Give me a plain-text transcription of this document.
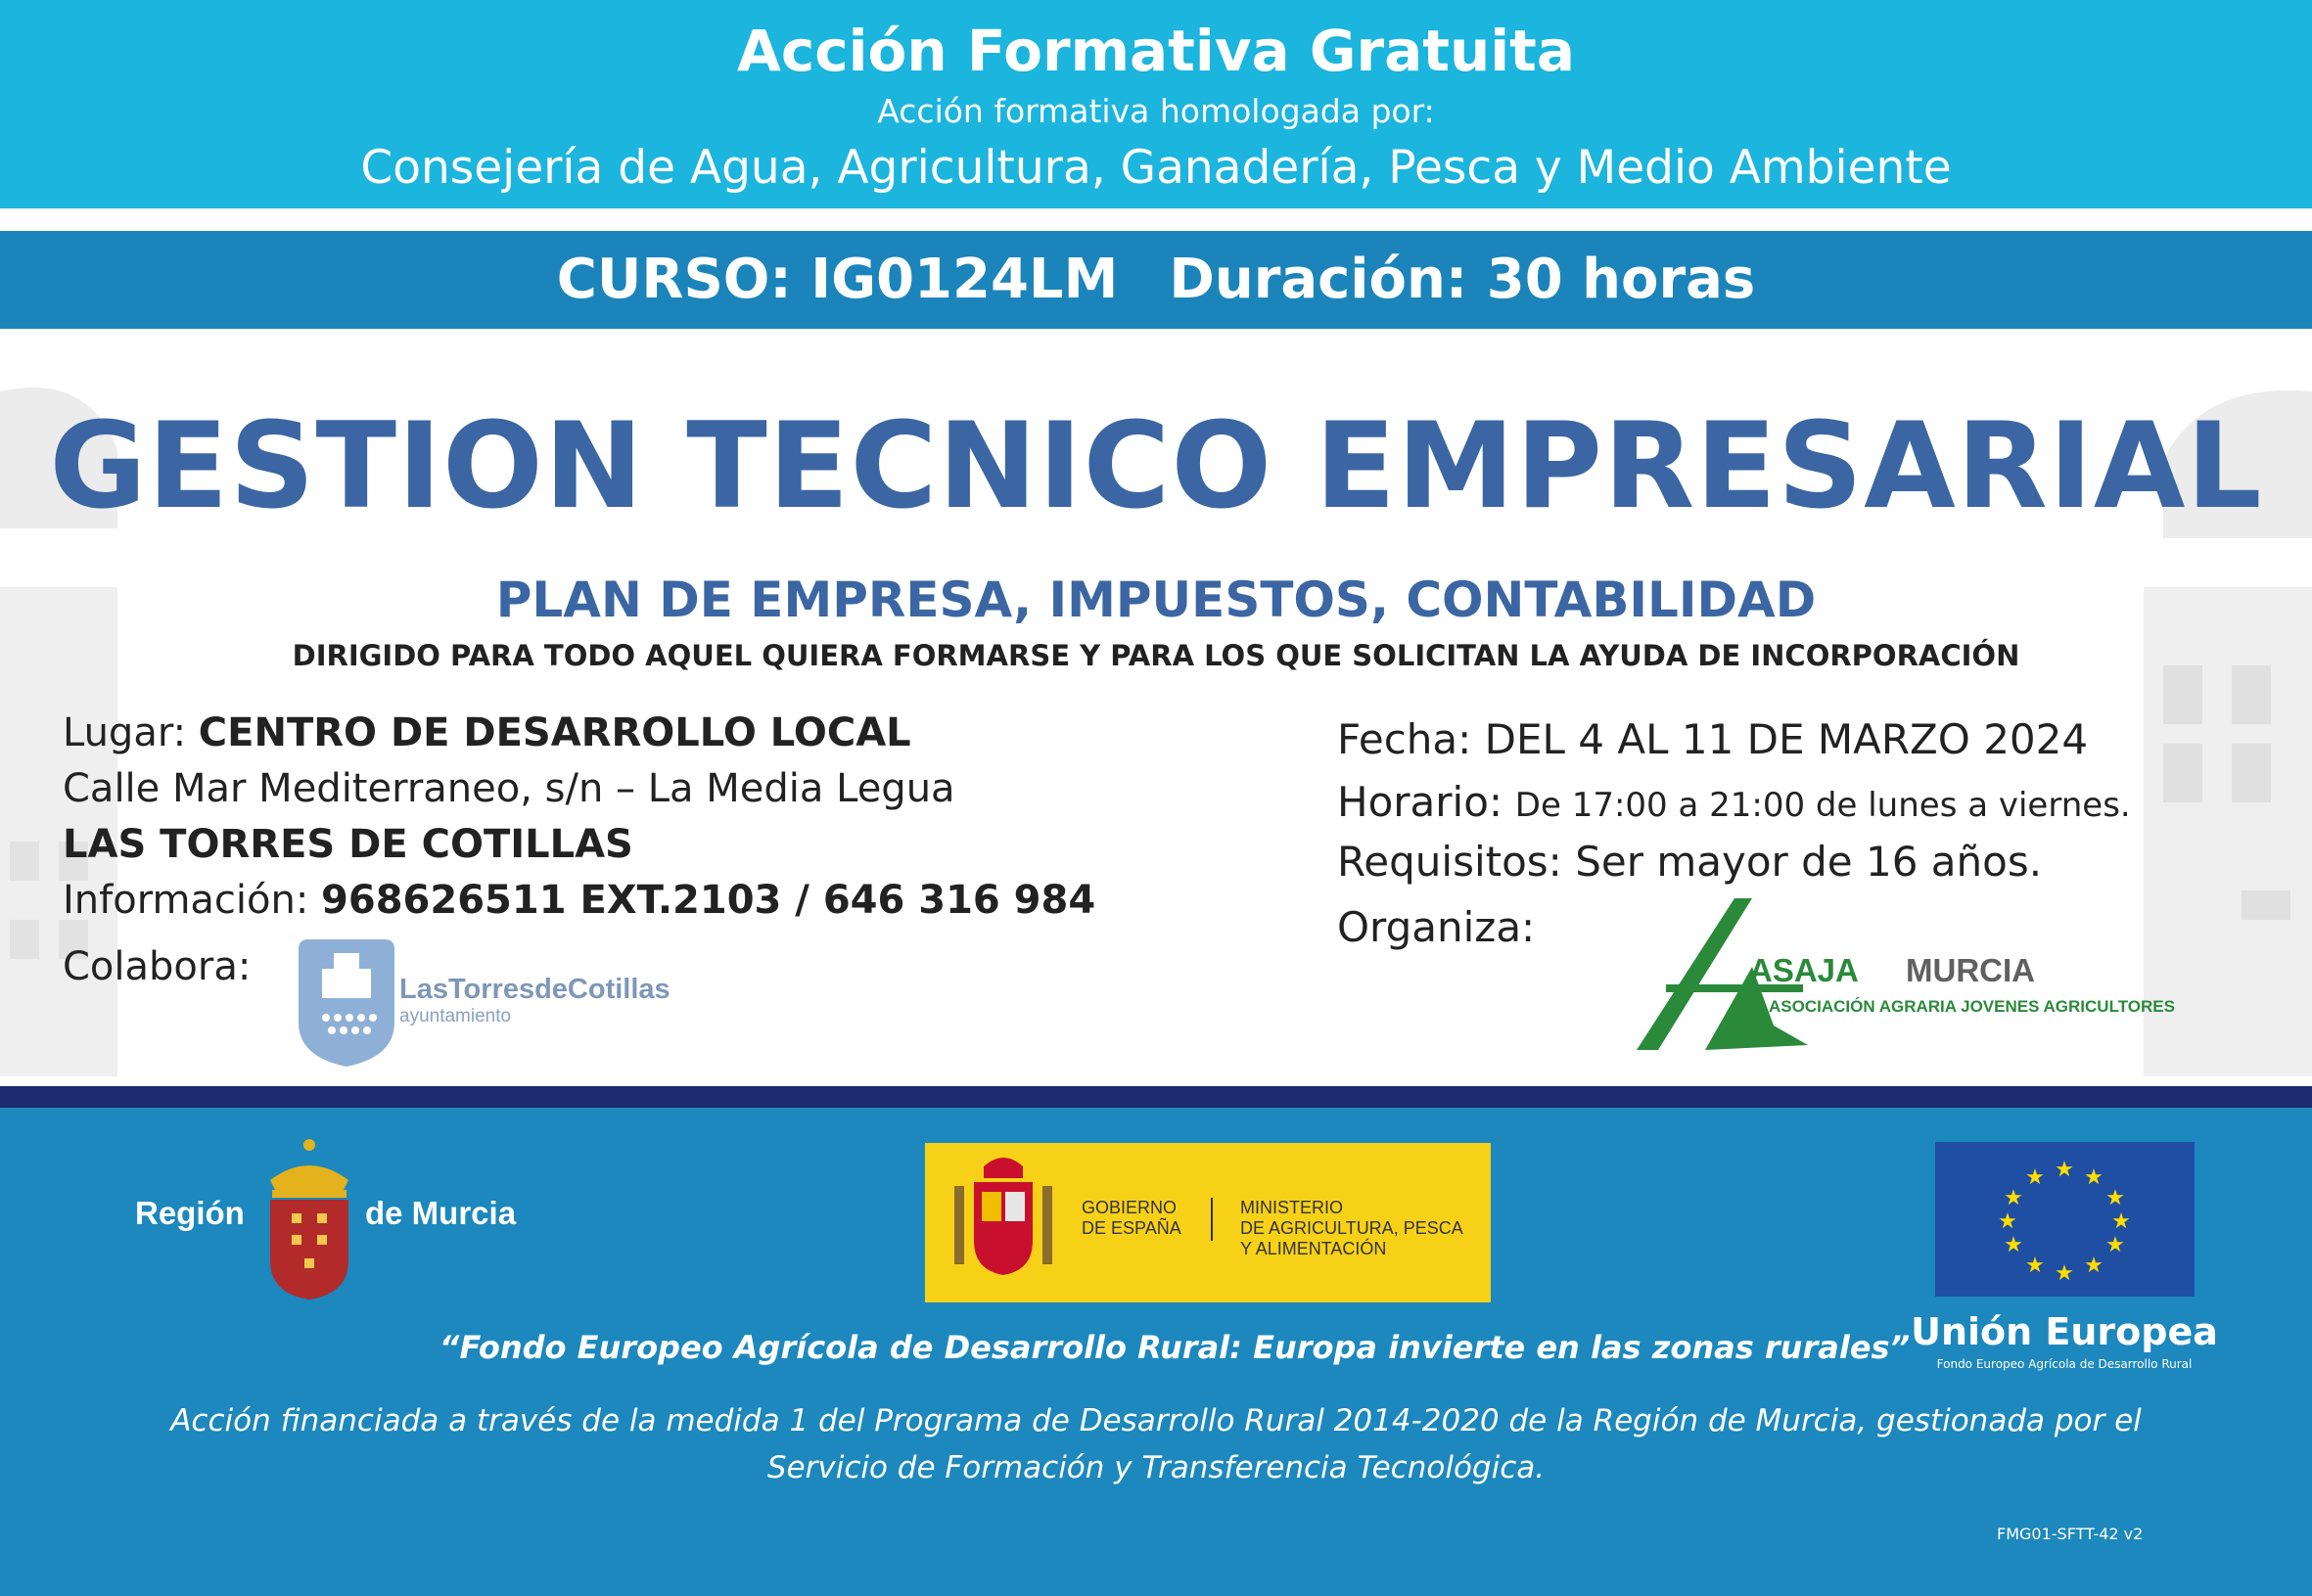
Acción Formativa Gratuita
Acción formativa homologada por:
Consejería de Agua, Agricultura, Ganadería, Pesca y Medio Ambiente
CURSO: IG0124LM Duración: 30 horas
GESTION TECNICO EMPRESARIAL
PLAN DE EMPRESA, IMPUESTOS, CONTABILIDAD
DIRIGIDO PARA TODO AQUEL QUIERA FORMARSE Y PARA LOS QUE SOLICITAN LA AYUDA DE INCORPORACIÓN
Lugar: CENTRO DE DESARROLLO LOCAL
Calle Mar Mediterraneo, s/n – La Media Legua
LAS TORRES DE COTILLAS
Información: 968626511 EXT.2103 / 646 316 984
Colabora:
Fecha: DEL 4 AL 11 DE MARZO 2024
Horario: De 17:00 a 21:00 de lunes a viernes.
Requisitos: Ser mayor de 16 años.
Organiza:
LasTorresdeCotillas
ayuntamiento
ASAJA MURCIA
ASOCIACIÓN AGRARIA JOVENES AGRICULTORES
Región	de Murcia	GOBIERNO
DE ESPAÑA
MINISTERIO
DE AGRICULTURA, PESCA
Y ALIMENTACIÓN
★ ★
★
★
★
★
★
★
★
★
★
★
Unión Europea
Fondo Europeo Agrícola de Desarrollo Rural
“Fondo Europeo Agrícola de Desarrollo Rural: Europa invierte en las zonas rurales”
Acción financiada a través de la medida 1 del Programa de Desarrollo Rural 2014-2020 de la Región de Murcia, gestionada por el Servicio de Formación y Transferencia Tecnológica.
FMG01-SFTT-42 v2
